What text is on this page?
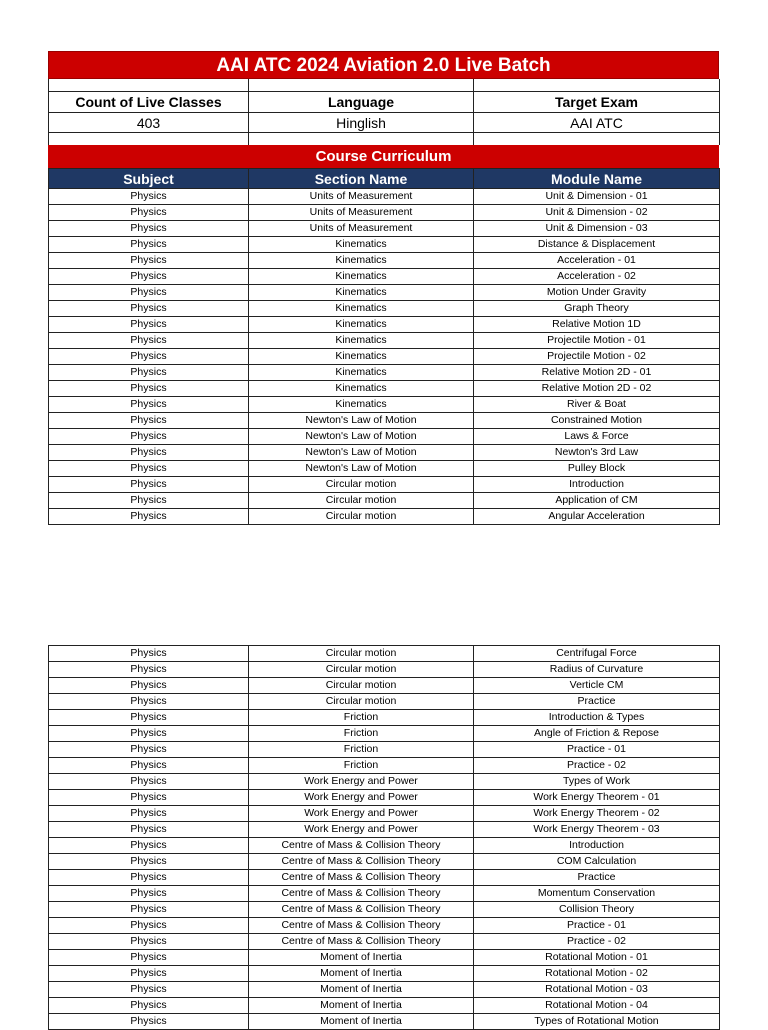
AAI ATC 2024 Aviation 2.0 Live Batch

Count of Live Classes	Language	Target Exam
403	Hinglish	AAI ATC

Course Curriculum
Subject	Section Name	Module Name
Physics	Units of Measurement	Unit & Dimension - 01
Physics	Units of Measurement	Unit & Dimension - 02
Physics	Units of Measurement	Unit & Dimension - 03
Physics	Kinematics	Distance & Displacement
Physics	Kinematics	Acceleration - 01
Physics	Kinematics	Acceleration - 02
Physics	Kinematics	Motion Under Gravity
Physics	Kinematics	Graph Theory
Physics	Kinematics	Relative Motion 1D
Physics	Kinematics	Projectile Motion - 01
Physics	Kinematics	Projectile Motion - 02
Physics	Kinematics	Relative Motion 2D - 01
Physics	Kinematics	Relative Motion 2D - 02
Physics	Kinematics	River & Boat
Physics	Newton's Law of Motion	Constrained Motion
Physics	Newton's Law of Motion	Laws & Force
Physics	Newton's Law of Motion	Newton's 3rd Law
Physics	Newton's Law of Motion	Pulley Block
Physics	Circular motion	Introduction
Physics	Circular motion	Application of CM
Physics	Circular motion	Angular Acceleration
Physics	Circular motion	Centrifugal Force
Physics	Circular motion	Radius of Curvature
Physics	Circular motion	Verticle CM
Physics	Circular motion	Practice
Physics	Friction	Introduction & Types
Physics	Friction	Angle of Friction & Repose
Physics	Friction	Practice - 01
Physics	Friction	Practice - 02
Physics	Work Energy and Power	Types of Work
Physics	Work Energy and Power	Work Energy Theorem - 01
Physics	Work Energy and Power	Work Energy Theorem - 02
Physics	Work Energy and Power	Work Energy Theorem - 03
Physics	Centre of Mass & Collision Theory	Introduction
Physics	Centre of Mass & Collision Theory	COM Calculation
Physics	Centre of Mass & Collision Theory	Practice
Physics	Centre of Mass & Collision Theory	Momentum Conservation
Physics	Centre of Mass & Collision Theory	Collision Theory
Physics	Centre of Mass & Collision Theory	Practice - 01
Physics	Centre of Mass & Collision Theory	Practice - 02
Physics	Moment of Inertia	Rotational Motion - 01
Physics	Moment of Inertia	Rotational Motion - 02
Physics	Moment of Inertia	Rotational Motion - 03
Physics	Moment of Inertia	Rotational Motion - 04
Physics	Moment of Inertia	Types of Rotational Motion
